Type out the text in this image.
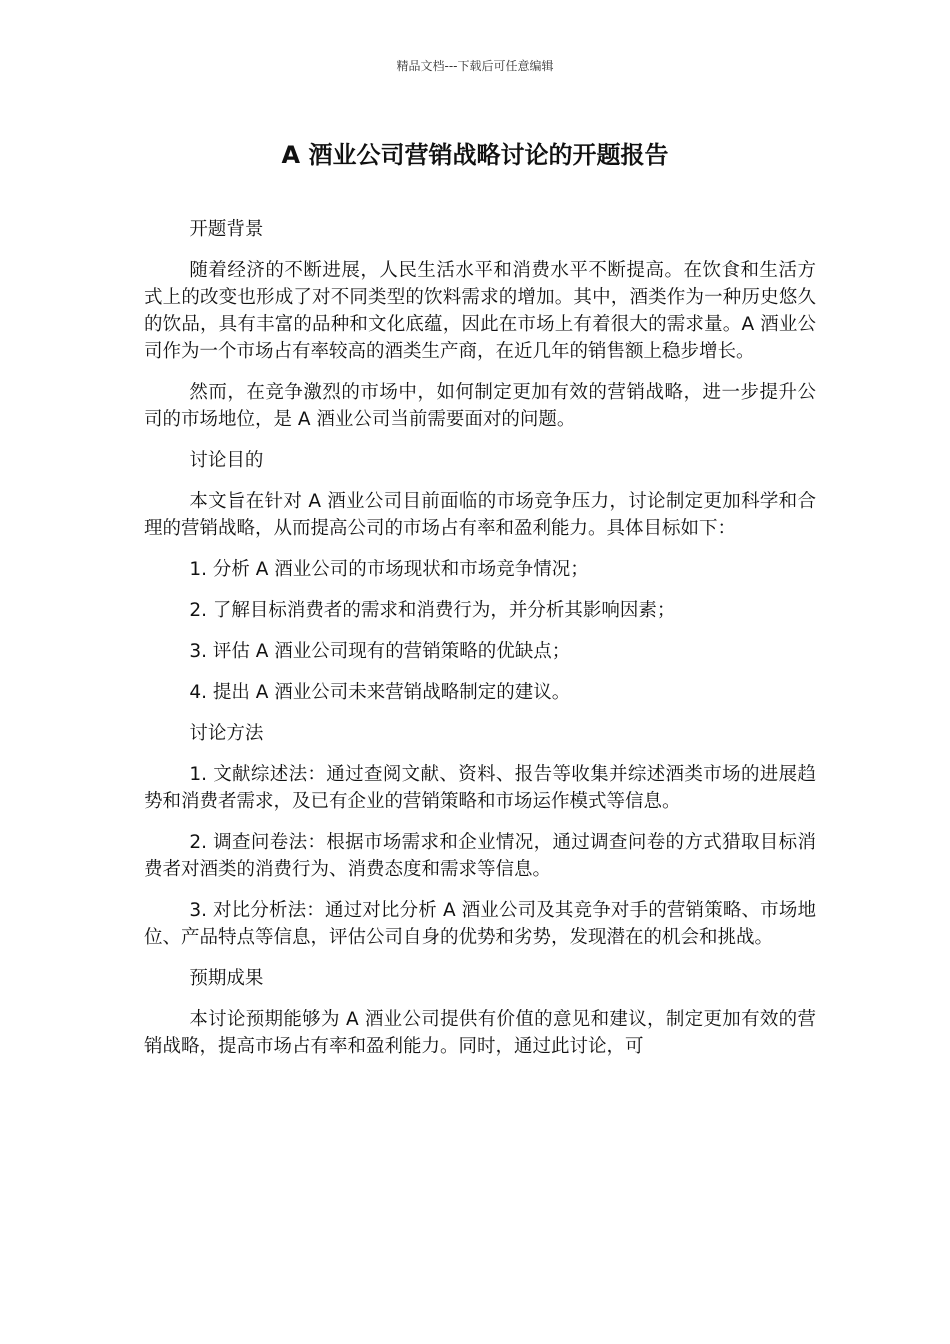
精品文档---下载后可任意编辑
A 酒业公司营销战略讨论的开题报告

开题背景

随着经济的不断进展，人民生活水平和消费水平不断提高。在饮食和生活方式上的改变也形成了对不同类型的饮料需求的增加。其中，酒类作为一种历史悠久的饮品，具有丰富的品种和文化底蕴，因此在市场上有着很大的需求量。A 酒业公司作为一个市场占有率较高的酒类生产商，在近几年的销售额上稳步增长。

然而，在竞争激烈的市场中，如何制定更加有效的营销战略，进一步提升公司的市场地位，是 A 酒业公司当前需要面对的问题。

讨论目的

本文旨在针对 A 酒业公司目前面临的市场竞争压力，讨论制定更加科学和合理的营销战略，从而提高公司的市场占有率和盈利能力。具体目标如下：

1. 分析 A 酒业公司的市场现状和市场竞争情况；

2. 了解目标消费者的需求和消费行为，并分析其影响因素；

3. 评估 A 酒业公司现有的营销策略的优缺点；

4. 提出 A 酒业公司未来营销战略制定的建议。

讨论方法

1. 文献综述法：通过查阅文献、资料、报告等收集并综述酒类市场的进展趋势和消费者需求，及已有企业的营销策略和市场运作模式等信息。

2. 调查问卷法：根据市场需求和企业情况，通过调查问卷的方式猎取目标消费者对酒类的消费行为、消费态度和需求等信息。

3. 对比分析法：通过对比分析 A 酒业公司及其竞争对手的营销策略、市场地位、产品特点等信息，评估公司自身的优势和劣势，发现潜在的机会和挑战。

预期成果

本讨论预期能够为 A 酒业公司提供有价值的意见和建议，制定更加有效的营销战略，提高市场占有率和盈利能力。同时，通过此讨论，可
